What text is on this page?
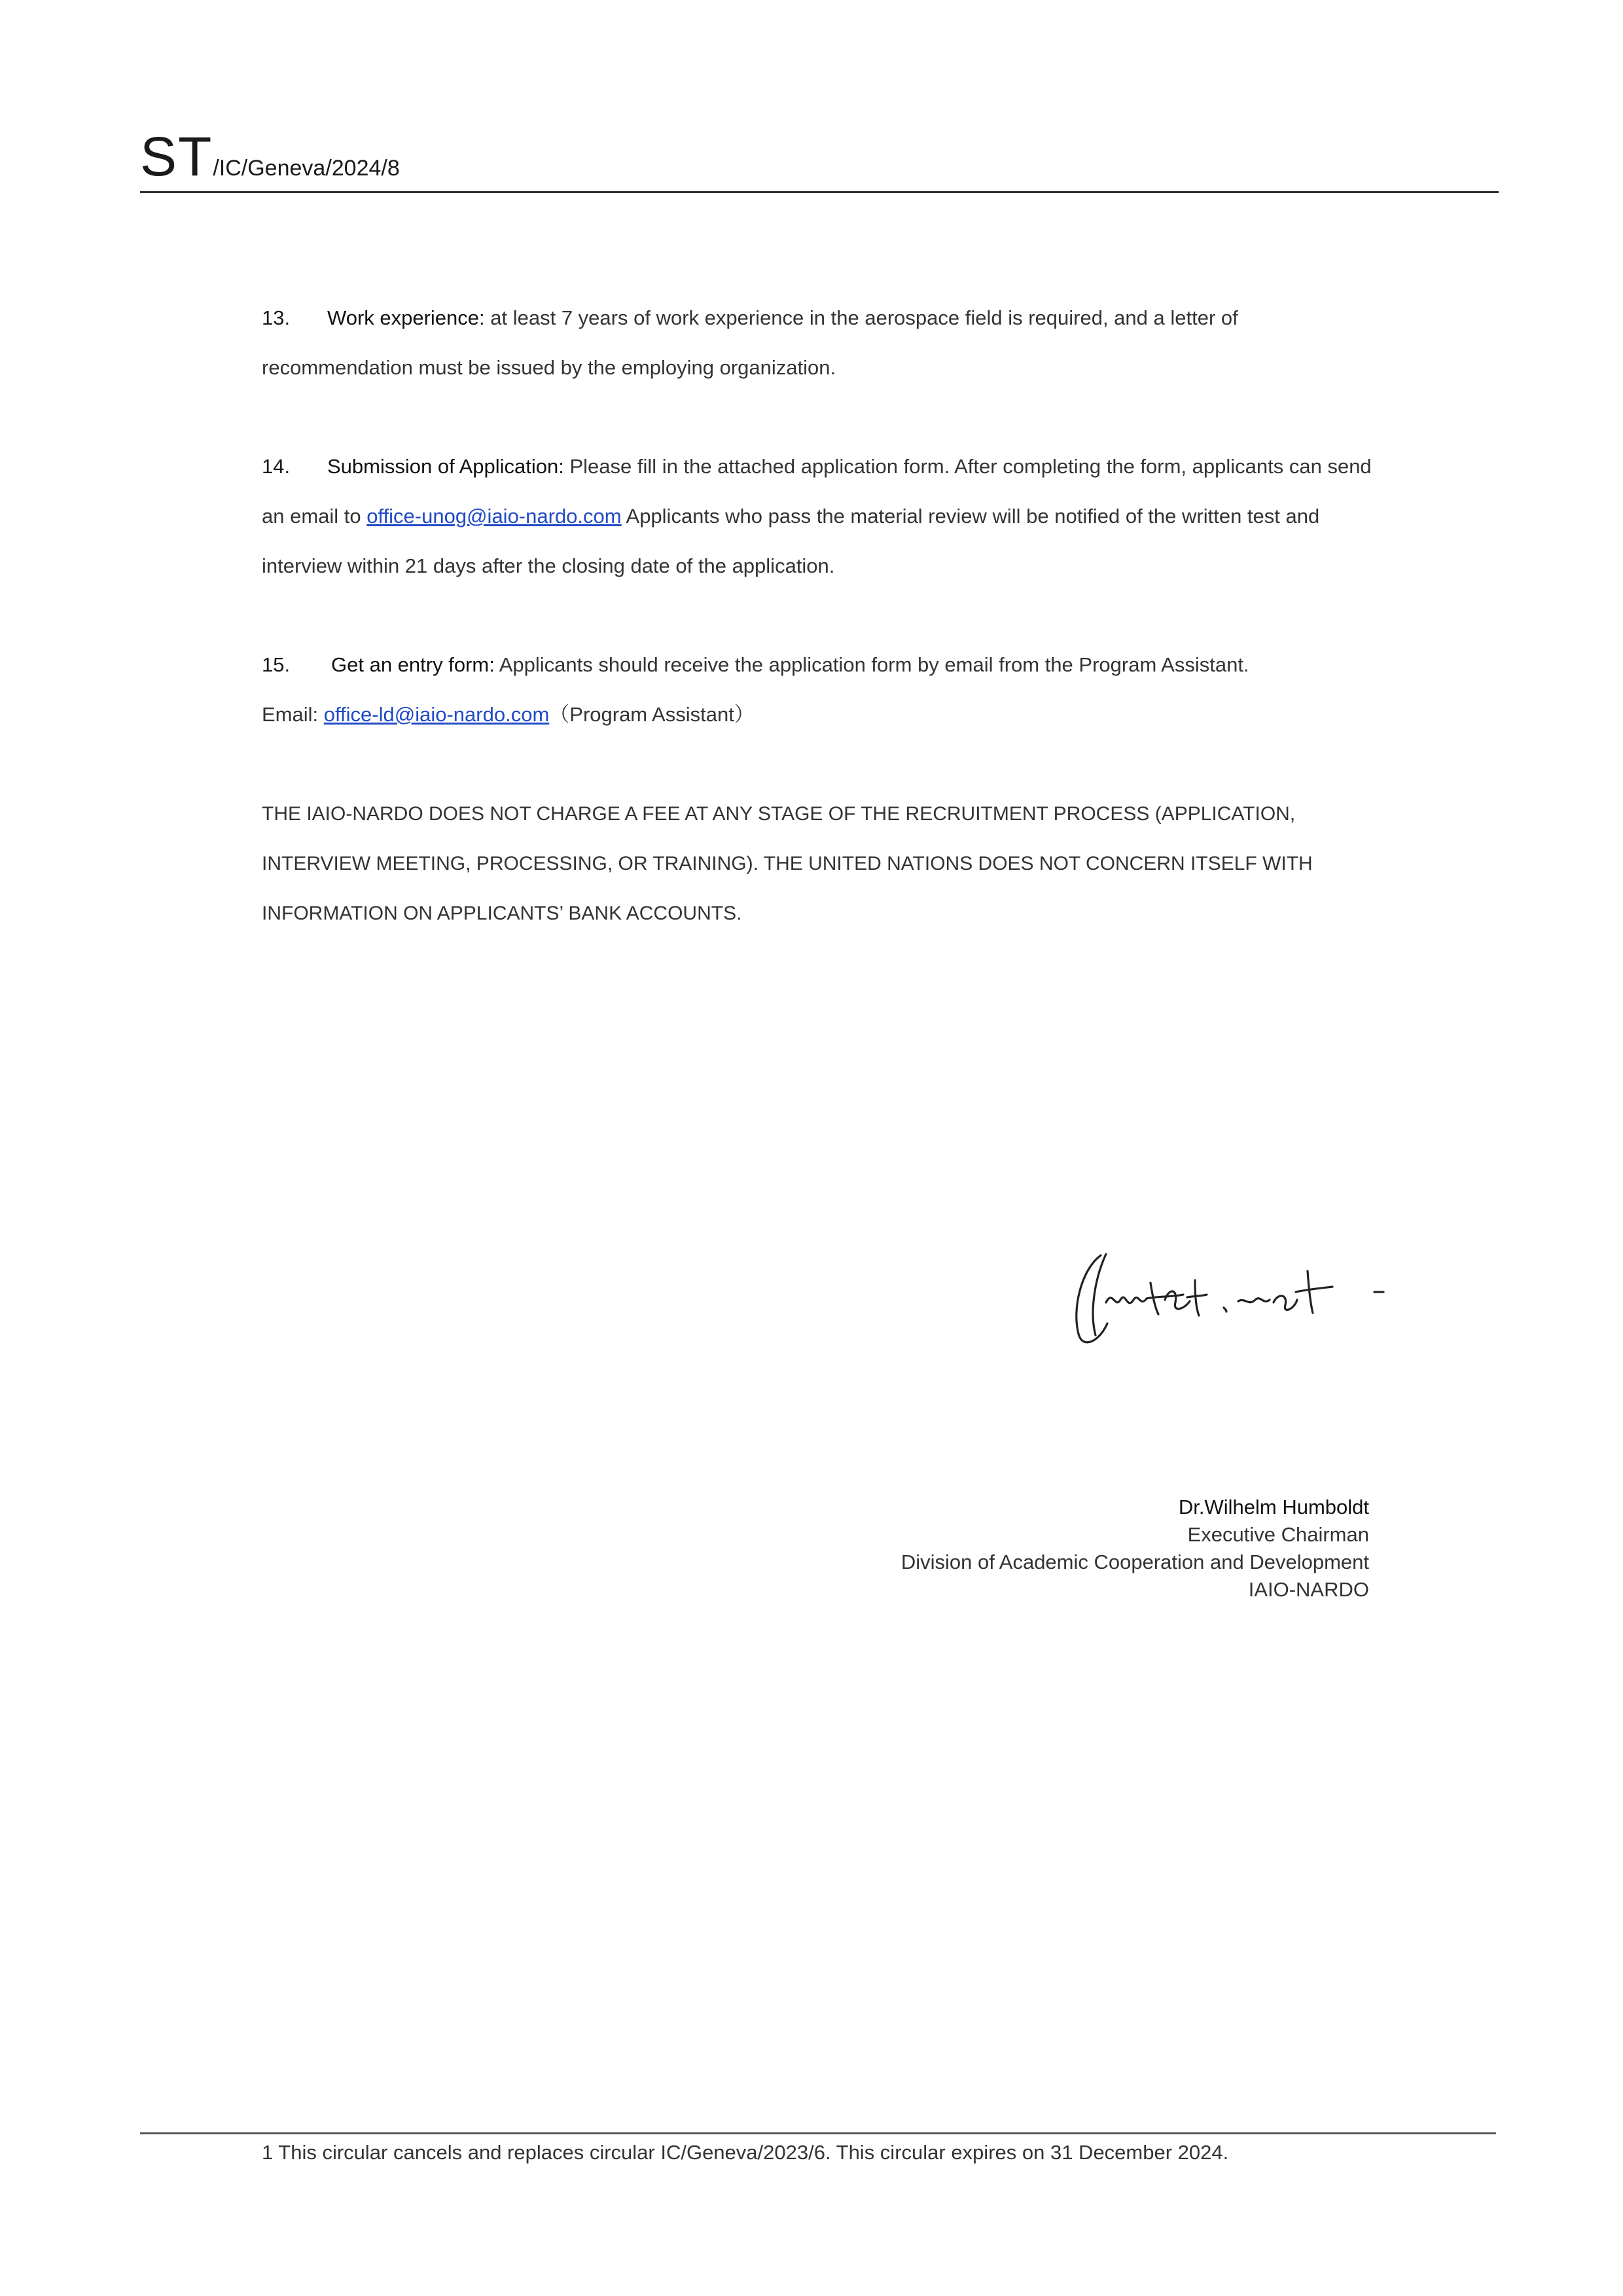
ST/IC/Geneva/2024/8

13. Work experience: at least 7 years of work experience in the aerospace field is required, and a letter of recommendation must be issued by the employing organization.

14. Submission of Application: Please fill in the attached application form. After completing the form, applicants can send an email to office-unog@iaio-nardo.com Applicants who pass the material review will be notified of the written test and interview within 21 days after the closing date of the application.

15. Get an entry form: Applicants should receive the application form by email from the Program Assistant.

Email: office-ld@iaio-nardo.com（Program Assistant）

THE IAIO-NARDO DOES NOT CHARGE A FEE AT ANY STAGE OF THE RECRUITMENT PROCESS (APPLICATION, INTERVIEW MEETING, PROCESSING, OR TRAINING). THE UNITED NATIONS DOES NOT CONCERN ITSELF WITH INFORMATION ON APPLICANTS’ BANK ACCOUNTS.
Dr.Wilhelm Humboldt
Executive Chairman
Division of Academic Cooperation and Development
IAIO-NARDO
1 This circular cancels and replaces circular IC/Geneva/2023/6. This circular expires on 31 December 2024.
